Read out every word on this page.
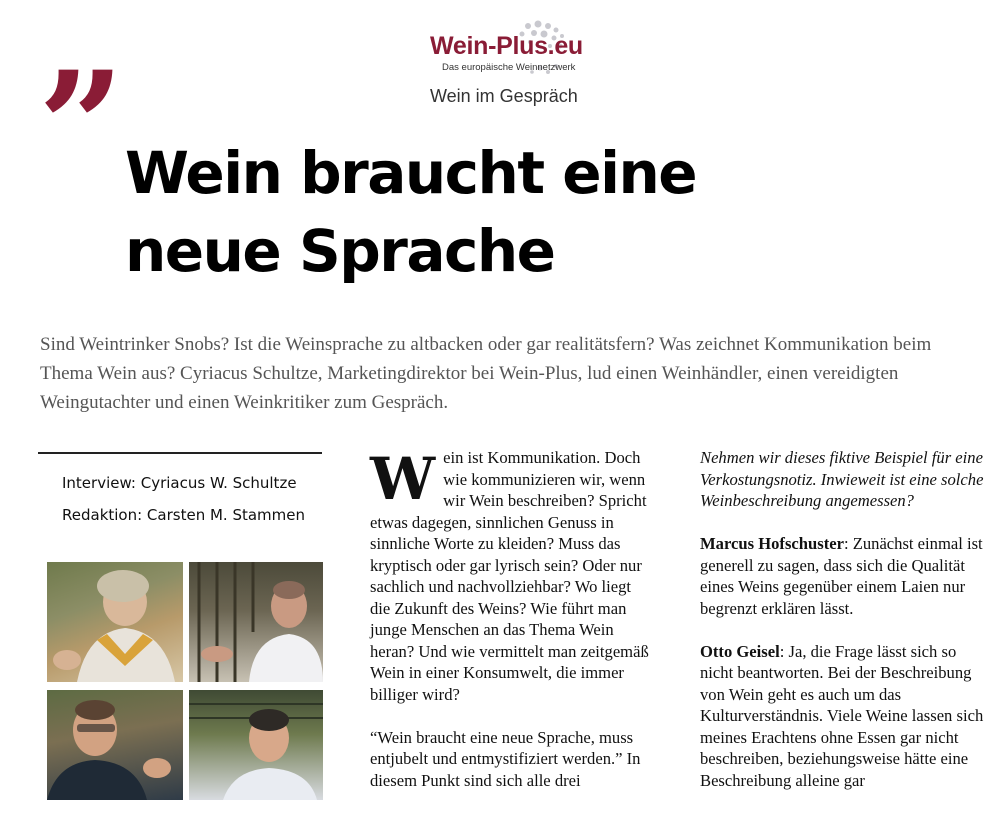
Wein-Plus.eu
Das europäische Weinnetzwerk
Wein im Gespräch
” Wein braucht eine
neue Sprache
Sind Weintrinker Snobs? Ist die Weinsprache zu altbacken oder gar realitätsfern? Was zeichnet Kommunikation beim Thema Wein aus? Cyriacus Schultze, Marketingdirektor bei Wein-Plus, lud einen Weinhändler, einen vereidigten Weingutachter und einen Weinkritiker zum Gespräch.
Interview: Cyriacus W. Schultze
Redaktion: Carsten M. Stammen

Wein ist Kommunikation. Doch wie kommunizieren wir, wenn wir Wein beschreiben? Spricht etwas dagegen, sinnlichen Genuss in sinnliche Worte zu kleiden? Muss das kryptisch oder gar lyrisch sein? Oder nur sachlich und nachvollziehbar? Wo liegt die Zukunft des Weins? Wie führt man junge Menschen an das Thema Wein heran? Und wie vermittelt man zeitgemäß Wein in einer Konsumwelt, die immer billiger wird?

“Wein braucht eine neue Sprache, muss entjubelt und entmystifiziert werden.” In diesem Punkt sind sich alle drei

Nehmen wir dieses fiktive Beispiel für eine Verkostungsnotiz. Inwieweit ist eine solche Weinbeschreibung angemessen?

Marcus Hofschuster: Zunächst einmal ist generell zu sagen, dass sich die Qualität eines Weins gegenüber einem Laien nur begrenzt erklären lässt.

Otto Geisel: Ja, die Frage lässt sich so nicht beantworten. Bei der Beschreibung von Wein geht es auch um das Kulturverständnis. Viele Weine lassen sich meines Erachtens ohne Essen gar nicht beschreiben, beziehungsweise hätte eine Beschreibung alleine gar
